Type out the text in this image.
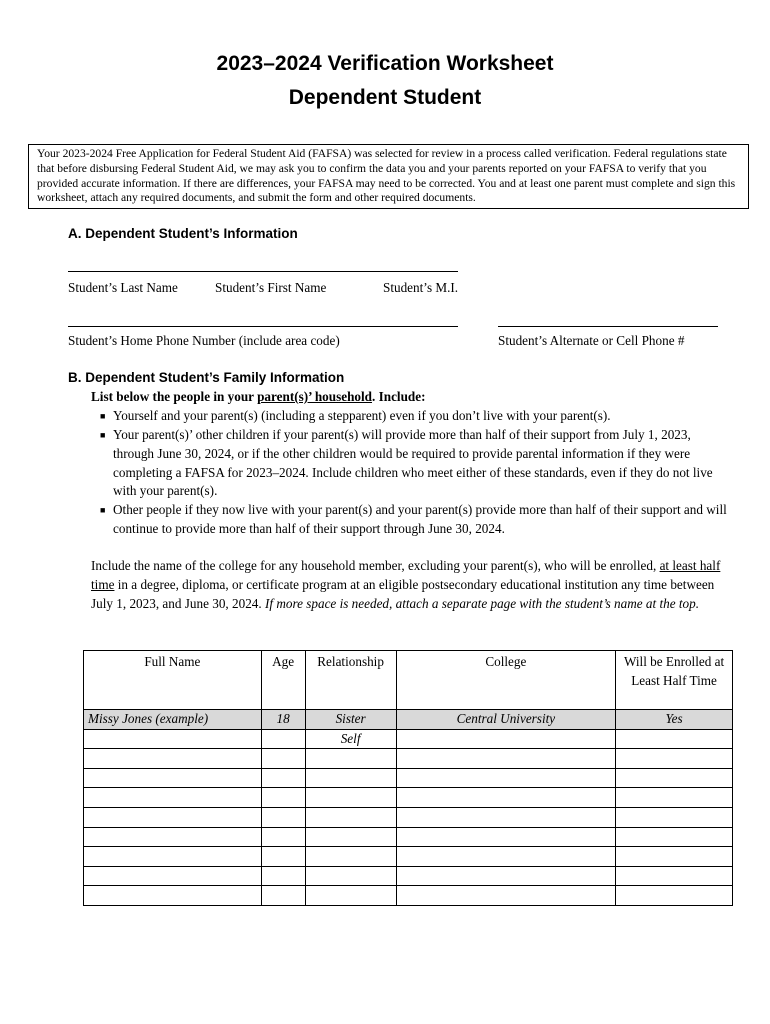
2023–2024 Verification Worksheet
Dependent Student
Your 2023-2024 Free Application for Federal Student Aid (FAFSA) was selected for review in a process called verification. Federal regulations state that before disbursing Federal Student Aid, we may ask you to confirm the data you and your parents reported on your FAFSA to verify that you provided accurate information. If there are differences, your FAFSA may need to be corrected. You and at least one parent must complete and sign this worksheet, attach any required documents, and submit the form and other required documents.
A. Dependent Student’s Information
Student’s Last Name	Student’s First Name	Student’s M.I.
Student’s Home Phone Number (include area code)	Student’s Alternate or Cell Phone #
B. Dependent Student’s Family Information
List below the people in your parent(s)’ household. Include:
■ Yourself and your parent(s) (including a stepparent) even if you don’t live with your parent(s).
■ Your parent(s)’ other children if your parent(s) will provide more than half of their support from July 1, 2023, through June 30, 2024, or if the other children would be required to provide parental information if they were completing a FAFSA for 2023–2024. Include children who meet either of these standards, even if they do not live with your parent(s).
■ Other people if they now live with your parent(s) and your parent(s) provide more than half of their support and will continue to provide more than half of their support through June 30, 2024.
Include the name of the college for any household member, excluding your parent(s), who will be enrolled, at least half time in a degree, diploma, or certificate program at an eligible postsecondary educational institution any time between July 1, 2023, and June 30, 2024. If more space is needed, attach a separate page with the student’s name at the top.
Full Name	Age	Relationship	College	Will be Enrolled at Least Half Time
Missy Jones (example)	18	Sister	Central University	Yes
		Self		
